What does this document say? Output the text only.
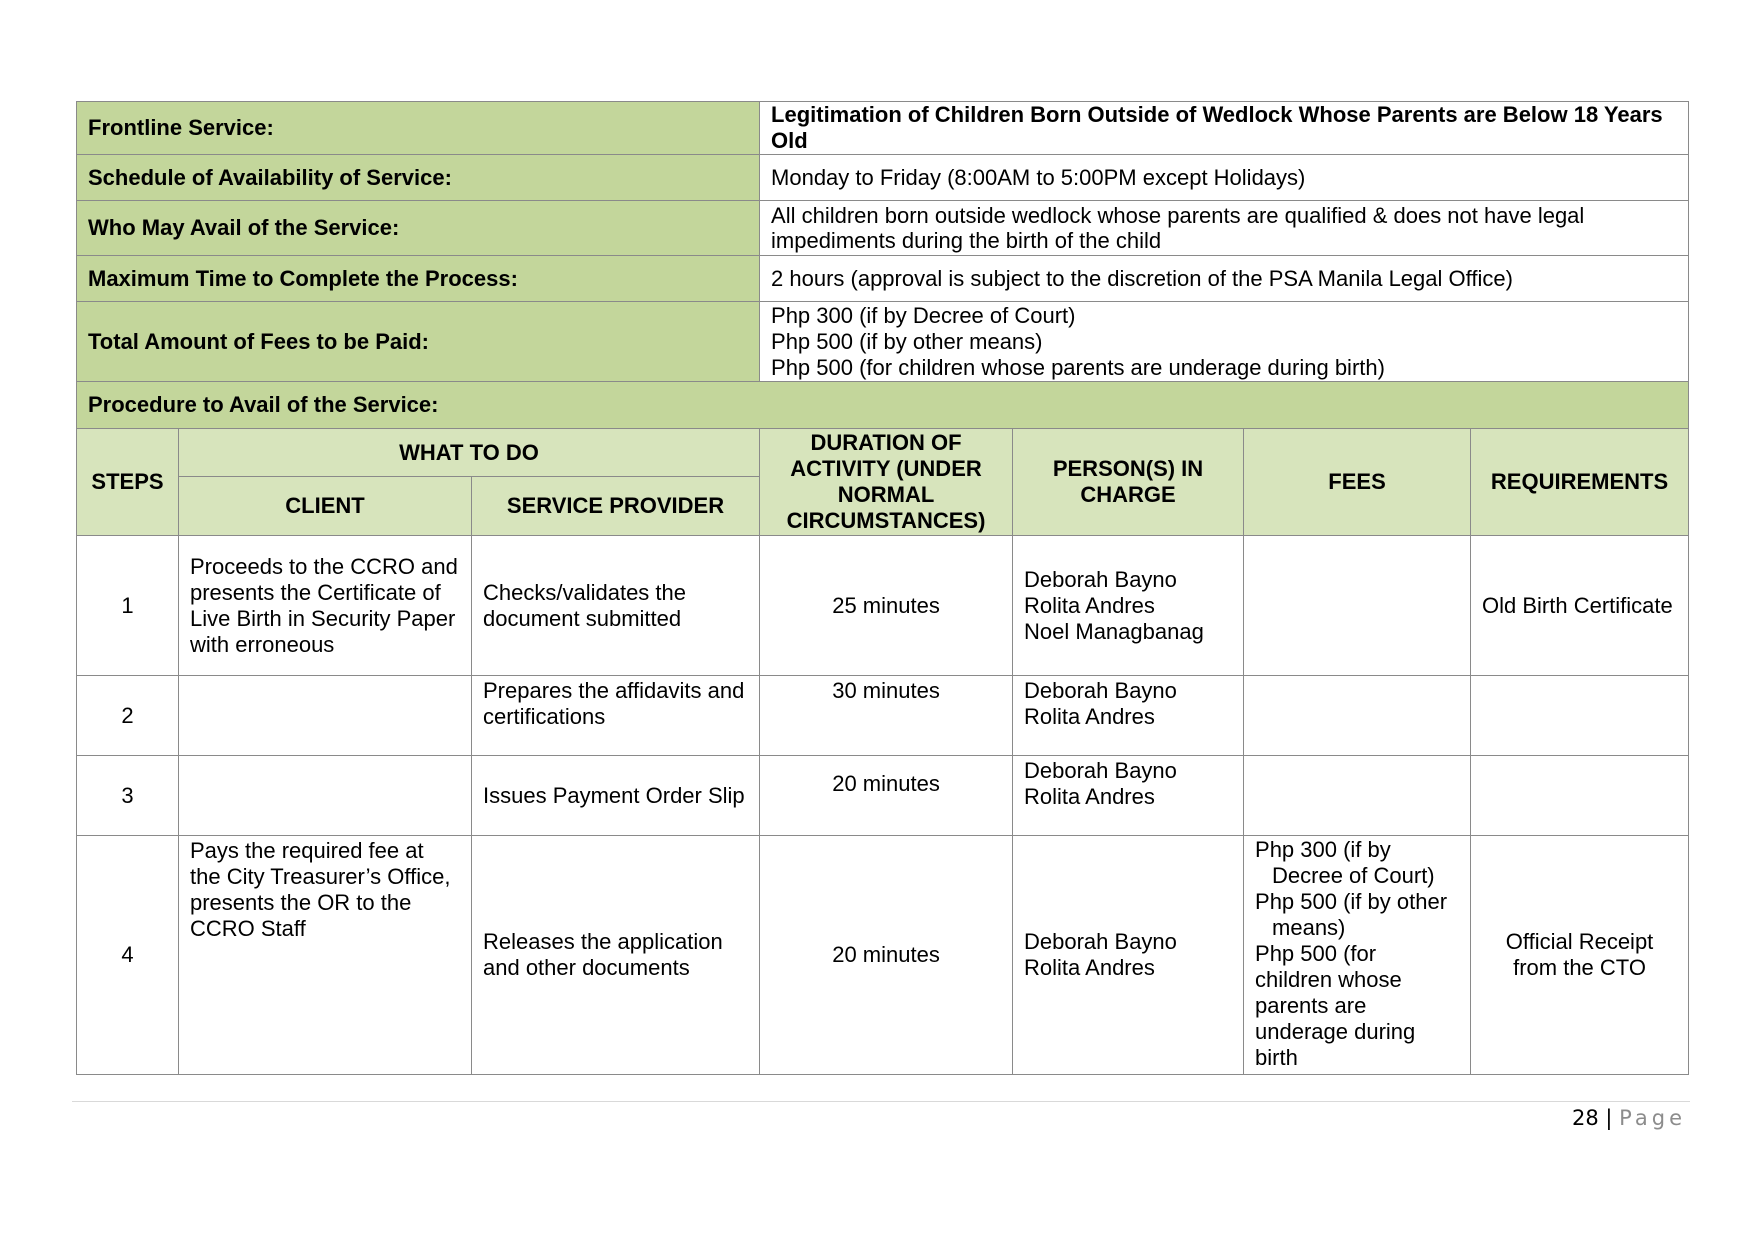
Frontline Service:			Legitimation of Children Born Outside of Wedlock Whose Parents are Below 18 Years Old			
Schedule of Availability of Service:			Monday to Friday (8:00AM to 5:00PM except Holidays)			
Who May Avail of the Service:			All children born outside wedlock whose parents are qualified & does not have legal impediments during the birth of the child			
Maximum Time to Complete the Process:			2 hours (approval is subject to the discretion of the PSA Manila Legal Office)			
Total Amount of Fees to be Paid:			Php 300 (if by Decree of Court)
Php 500 (if by other means)
Php 500 (for children whose parents are underage during birth)			

Procedure to Avail of the Service:						
STEPS	WHAT TO DO		DURATION OF ACTIVITY (UNDER NORMAL CIRCUMSTANCES)	PERSON(S) IN CHARGE	FEES	REQUIREMENTS
	CLIENT	SERVICE PROVIDER				
1	Proceeds to the CCRO and presents the Certificate of Live Birth in Security Paper with erroneous	Checks/validates the document submitted	25 minutes	Deborah Bayno
Rolita Andres
Noel Managbanag		Old Birth Certificate
2		Prepares the affidavits and certifications	30 minutes	Deborah Bayno
Rolita Andres		

3		Issues Payment Order Slip	20 minutes	Deborah Bayno
Rolita Andres		

4	Pays the required fee at the City Treasurer’s Office, presents the OR to the CCRO Staff	Releases the application and other documents	20 minutes	Deborah Bayno
Rolita Andres	Php 300 (if by Decree of Court)
Php 500 (if by other means)
Php 500 (for children whose parents are underage during birth	Official Receipt from the CTO
28 | Page
